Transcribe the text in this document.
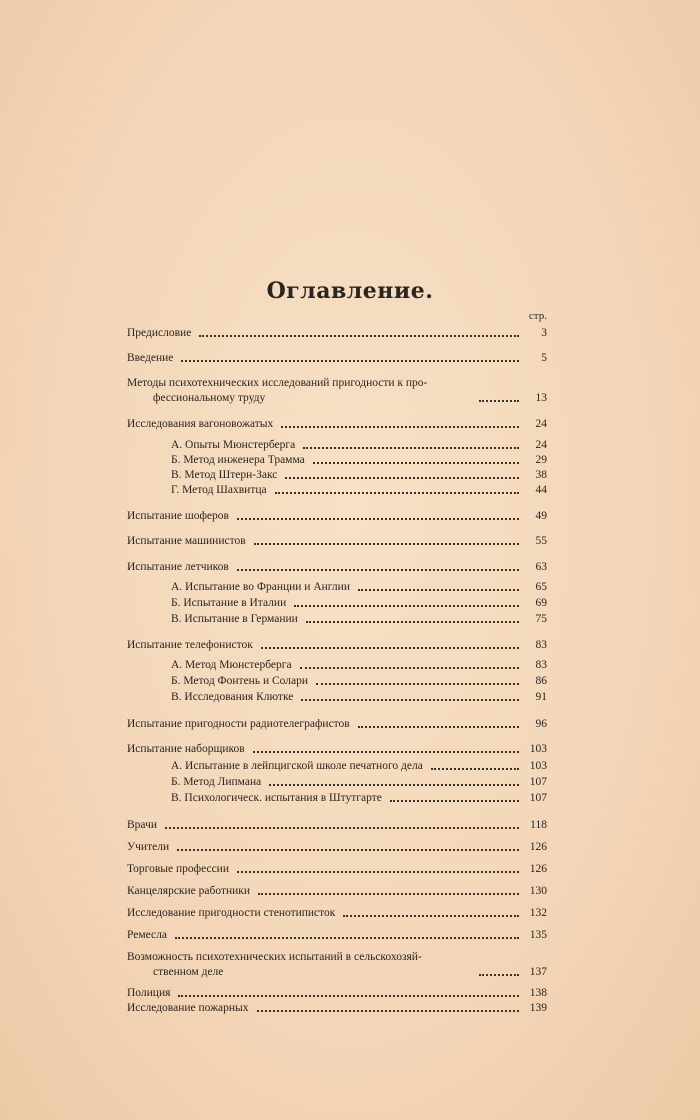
Оглавление.
стр.
Предисловие	3
Введение	5
Методы психотехнических исследований пригодности к про-
фессиональному труду	13
Исследования вагоновожатых	24
А. Опыты Мюнстерберга	24
Б. Метод инженера Трамма	29
В. Метод Штерн-Закс	38
Г. Метод Шахвитца	44
Испытание шоферов	49
Испытание машинистов	55
Испытание летчиков	63
А. Испытание во Франции и Англии	65
Б. Испытание в Италии	69
В. Испытание в Германии	75
Испытание телефонисток	83
А. Метод Мюнстерберга	83
Б. Метод Фонтень и Солари	86
В. Исследования Клютке	91
Испытание пригодности радиотелеграфистов	96
Испытание наборщиков	103
А. Испытание в лейпцигской школе печатного дела	103
Б. Метод Липмана	107
В. Психологическ. испытания в Штутгарте	107
Врачи	118
Учители	126
Торговые профессии	126
Канцелярские работники	130
Исследование пригодности стенотиписток	132
Ремесла	135
Возможность психотехнических испытаний в сельскохозяй-
ственном деле	137
Полиция	138
Исследование пожарных	139
